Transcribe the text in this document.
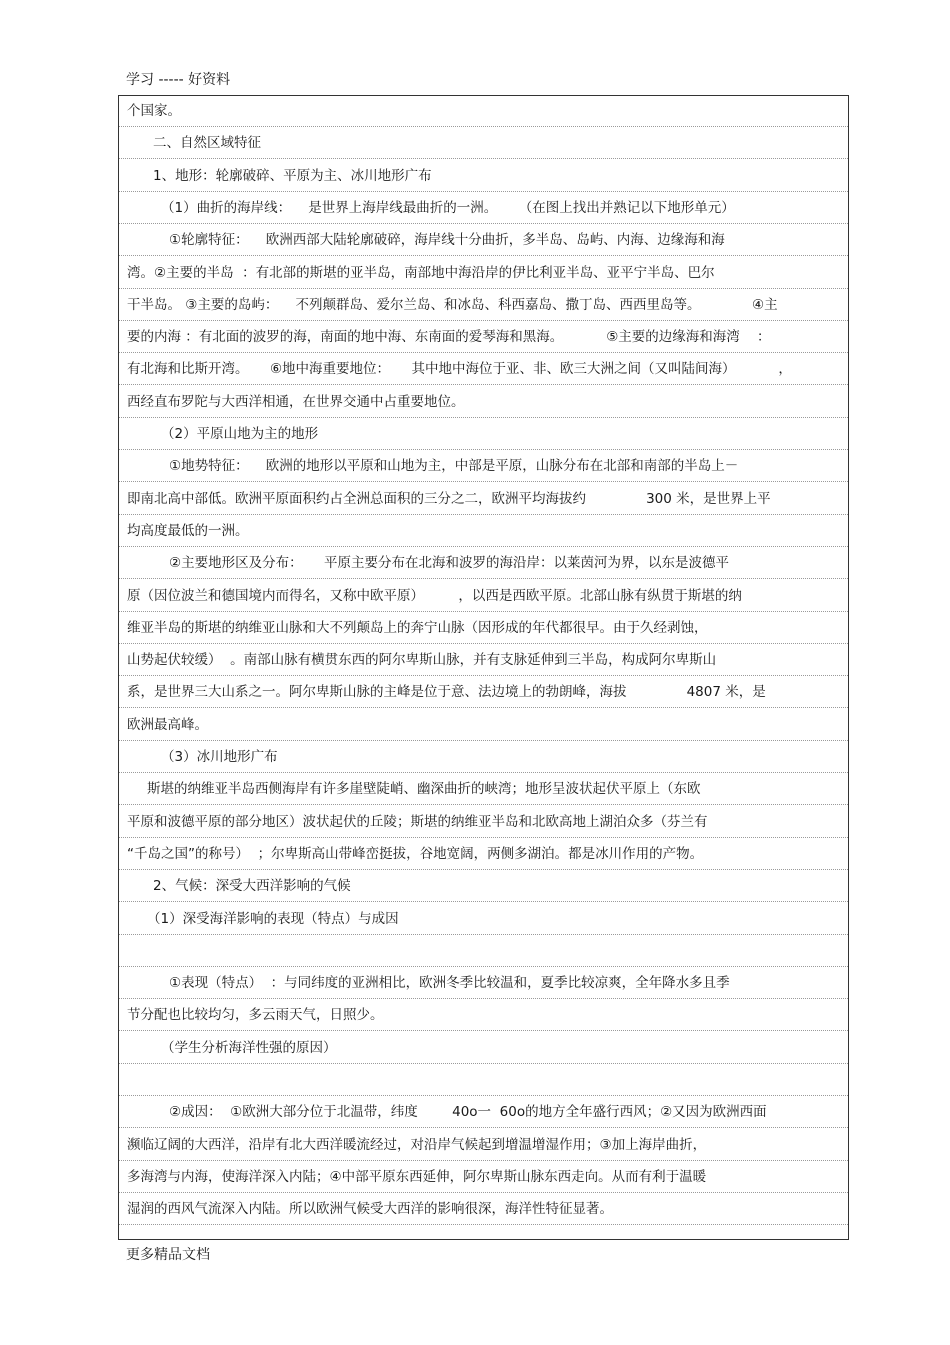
学习 ----- 好资料
个国家。
二、自然区域特征
1、地形：轮廓破碎、平原为主、冰川地形广布
（1）曲折的海岸线：    是世界上海岸线最曲折的一洲。     （在图上找出并熟记以下地形单元）
①轮廓特征：    欧洲西部大陆轮廓破碎，海岸线十分曲折，多半岛、岛屿、内海、边缘海和海
湾。②主要的半岛  ：有北部的斯堪的亚半岛，南部地中海沿岸的伊比利亚半岛、亚平宁半岛、巴尔
干半岛。 ③主要的岛屿：    不列颠群岛、爱尔兰岛、和冰岛、科西嘉岛、撒丁岛、西西里岛等。            ④主
要的内海 ：有北面的波罗的海，南面的地中海、东南面的爱琴海和黑海。          ⑤主要的边缘海和海湾    ：
有北海和比斯开湾。     ⑥地中海重要地位：     其中地中海位于亚、非、欧三大洲之间（又叫陆间海）          ，
西经直布罗陀与大西洋相通，在世界交通中占重要地位。
（2）平原山地为主的地形
①地势特征：    欧洲的地形以平原和山地为主，中部是平原，山脉分布在北部和南部的半岛上－
即南北高中部低。欧洲平原面积约占全洲总面积的三分之二，欧洲平均海拔约              300 米，是世界上平
均高度最低的一洲。
②主要地形区及分布：     平原主要分布在北海和波罗的海沿岸：以莱茵河为界，以东是波德平
原（因位波兰和德国境内而得名，又称中欧平原）        ，以西是西欧平原。北部山脉有纵贯于斯堪的纳
维亚半岛的斯堪的纳维亚山脉和大不列颠岛上的奔宁山脉（因形成的年代都很早。由于久经剥蚀，
山势起伏较缓）  。南部山脉有横贯东西的阿尔卑斯山脉，并有支脉延伸到三半岛，构成阿尔卑斯山
系，是世界三大山系之一。阿尔卑斯山脉的主峰是位于意、法边境上的勃朗峰，海拔              4807 米，是
欧洲最高峰。
（3）冰川地形广布
斯堪的纳维亚半岛西侧海岸有许多崖壁陡峭、幽深曲折的峡湾；地形呈波状起伏平原上（东欧
平原和波德平原的部分地区）波状起伏的丘陵；斯堪的纳维亚半岛和北欧高地上湖泊众多（芬兰有
“千岛之国”的称号）  ；尔卑斯高山带峰峦挺拔，谷地宽阔，两侧多湖泊。都是冰川作用的产物。
2、气候：深受大西洋影响的气候
（1）深受海洋影响的表现（特点）与成因
①表现（特点）  ：与同纬度的亚洲相比，欧洲冬季比较温和，夏季比较凉爽，全年降水多且季
节分配也比较均匀，多云雨天气，日照少。
（学生分析海洋性强的原因）
②成因：  ①欧洲大部分位于北温带，纬度        40o一  60o的地方全年盛行西风；②又因为欧洲西面
濒临辽阔的大西洋，沿岸有北大西洋暖流经过，对沿岸气候起到增温增湿作用；③加上海岸曲折，
多海湾与内海，使海洋深入内陆；④中部平原东西延伸，阿尔卑斯山脉东西走向。从而有利于温暖
湿润的西风气流深入内陆。所以欧洲气候受大西洋的影响很深，海洋性特征显著。
更多精品文档
